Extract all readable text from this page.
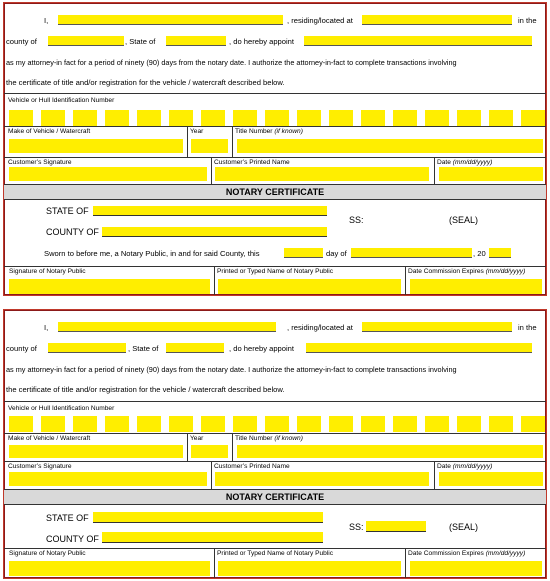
I,	, residing/located at	in the
county of	, State of	, do hereby appoint
as my attorney-in fact for a period of ninety (90) days from the notary date. I authorize the attorney-in-fact to complete transactions involving
the certificate of title and/or registration for the vehicle / watercraft described below.
Vehicle or Hull Identification Number
Make of Vehicle / Watercraft	Year	Title Number (if known)
Customer’s Signature	Customer’s Printed Name	Date (mm/dd/yyyy)
NOTARY CERTIFICATE
STATE OF
SS:	(SEAL)
COUNTY OF
Sworn to before me, a Notary Public, in and for said County, this	day of	, 20
Signature of Notary Public	Printed or Typed Name of Notary Public	Date Commission Expires (mm/dd/yyyy)
I,	, residing/located at	in the
county of	, State of	, do hereby appoint
as my attorney-in fact for a period of ninety (90) days from the notary date. I authorize the attorney-in-fact to complete transactions involving
the certificate of title and/or registration for the vehicle / watercraft described below.
Vehicle or Hull Identification Number
Make of Vehicle / Watercraft	Year	Title Number (if known)
Customer’s Signature	Customer’s Printed Name	Date (mm/dd/yyyy)
NOTARY CERTIFICATE
STATE OF
SS:	(SEAL)
COUNTY OF
Signature of Notary Public	Printed or Typed Name of Notary Public	Date Commission Expires (mm/dd/yyyy)
